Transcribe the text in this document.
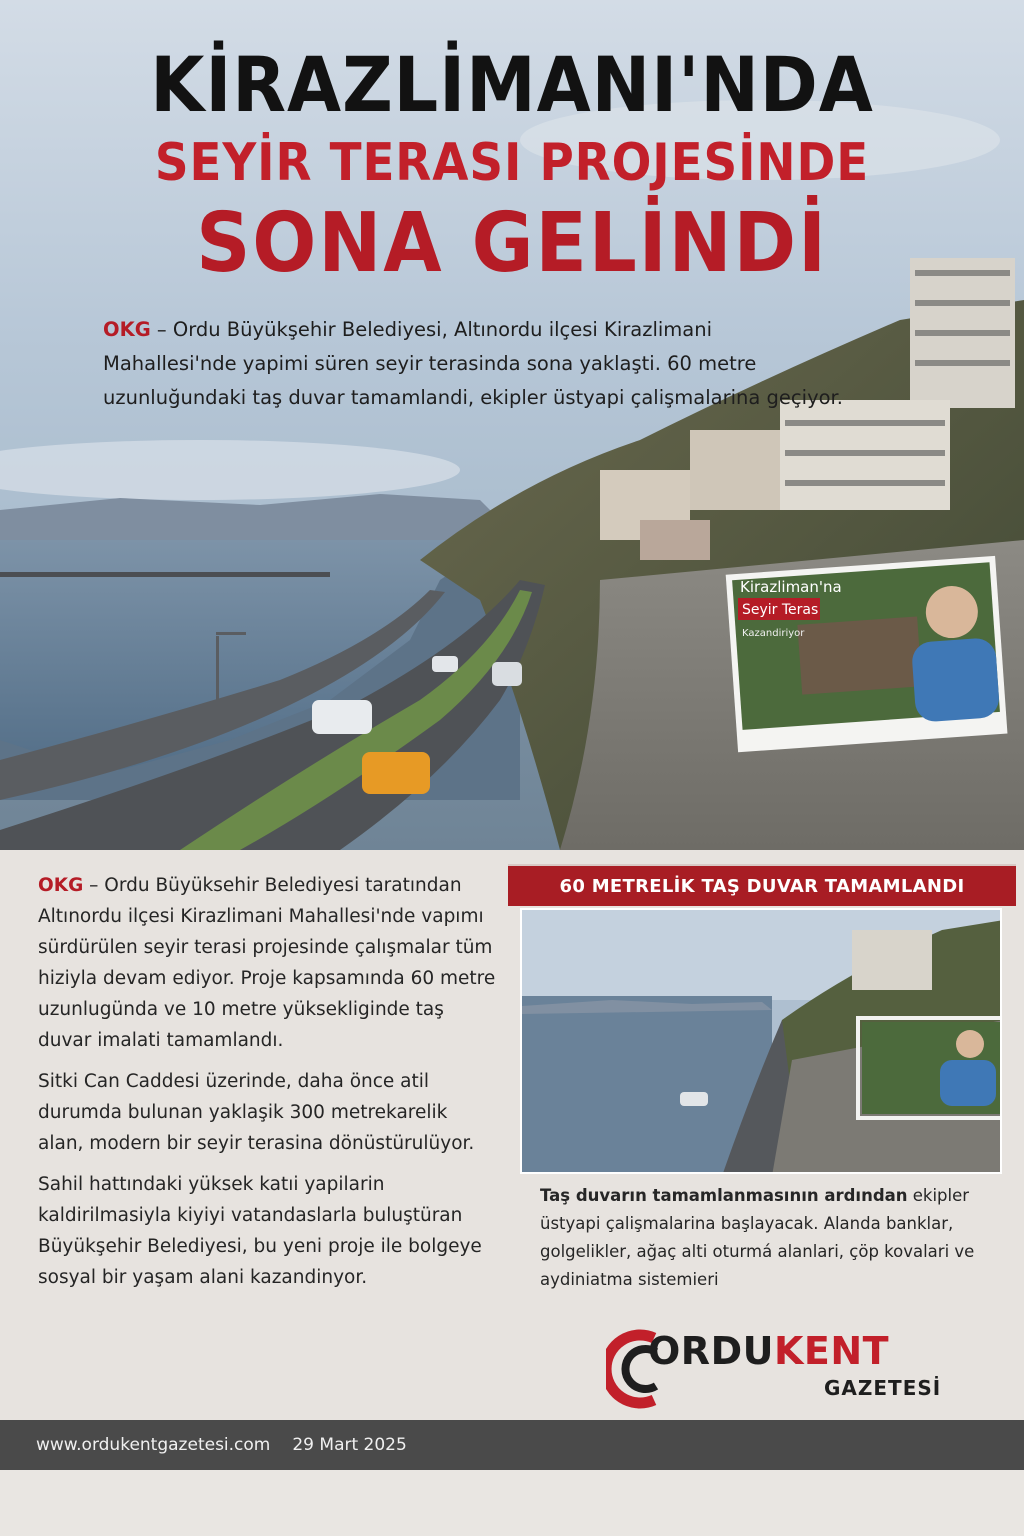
Kirazliman'na
Seyir Teras
Kazandiriyor
KİRAZLİMANI'NDA
SEYİR TERASI PROJESİNDE
SONA GELİNDİ
OKG – Ordu Büyükşehir Belediyesi, Altınordu ilçesi Kirazlimani Mahallesi'nde yapimi süren seyir terasinda sona yaklaşti. 60 metre uzunluğundaki taş duvar tamamlandi, ekipler üstyapi çalişmalarina geçiyor.

OKG – Ordu Büyüksehir Belediyesi taratından Altınordu ilçesi Kirazlimani Mahallesi'nde vapımı sürdürülen seyir terasi projesinde çalışmalar tüm hiziyla devam ediyor. Proje kapsamında 60 metre uzunlugünda ve 10 metre yüksekliginde taş duvar imalati tamamlandı.

Sitki Can Caddesi üzerinde, daha önce atil durumda bulunan yaklaşik 300 metrekarelik alan, modern bir seyir terasina dönüstürulüyor.

Sahil hattındaki yüksek katıi yapilarin kaldirilmasiyla kiyiyi vatandaslarla buluştüran Büyükşehir Belediyesi, bu yeni proje ile bolgeye sosyal bir yaşam alani kazandinyor.

60 METRELİK TAŞ DUVAR TAMAMLANDI
Taş duvarın tamamlanmasının ardından ekipler üstyapi çalişmalarina başlayacak. Alanda banklar, golgelikler, ağaç alti oturmá alanlari, çöp kovalari ve aydiniatma sistemieri
ORDUKENT
GAZETESİ
www.ordukentgazetesi.com 29 Mart 2025
